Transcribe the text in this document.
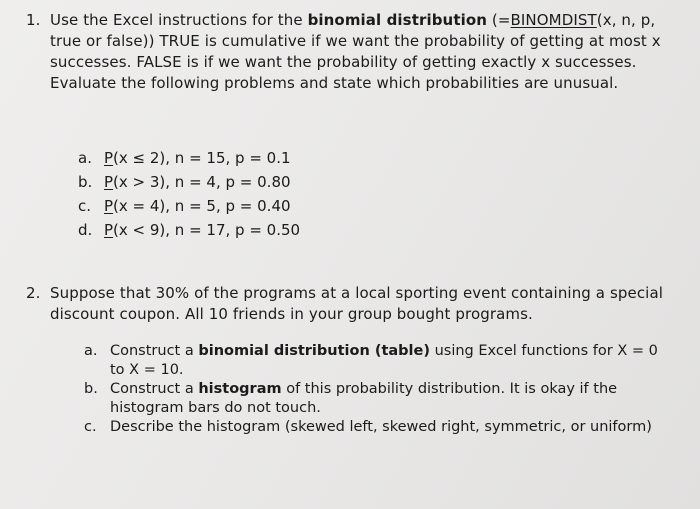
1. Use the Excel instructions for the binomial distribution (=BINOMDIST(x, n, p, true or false)) TRUE is cumulative if we want the probability of getting at most x successes. FALSE is if we want the probability of getting exactly x successes. Evaluate the following problems and state which probabilities are unusual.
a. P(x ≤ 2), n = 15, p = 0.1
b. P(x > 3), n = 4, p = 0.80
c. P(x = 4), n = 5, p = 0.40
d. P(x < 9), n = 17, p = 0.50
2. Suppose that 30% of the programs at a local sporting event containing a special discount coupon. All 10 friends in your group bought programs.
a. Construct a binomial distribution (table) using Excel functions for X = 0 to X = 10.
b. Construct a histogram of this probability distribution. It is okay if the histogram bars do not touch.
c. Describe the histogram (skewed left, skewed right, symmetric, or uniform)
